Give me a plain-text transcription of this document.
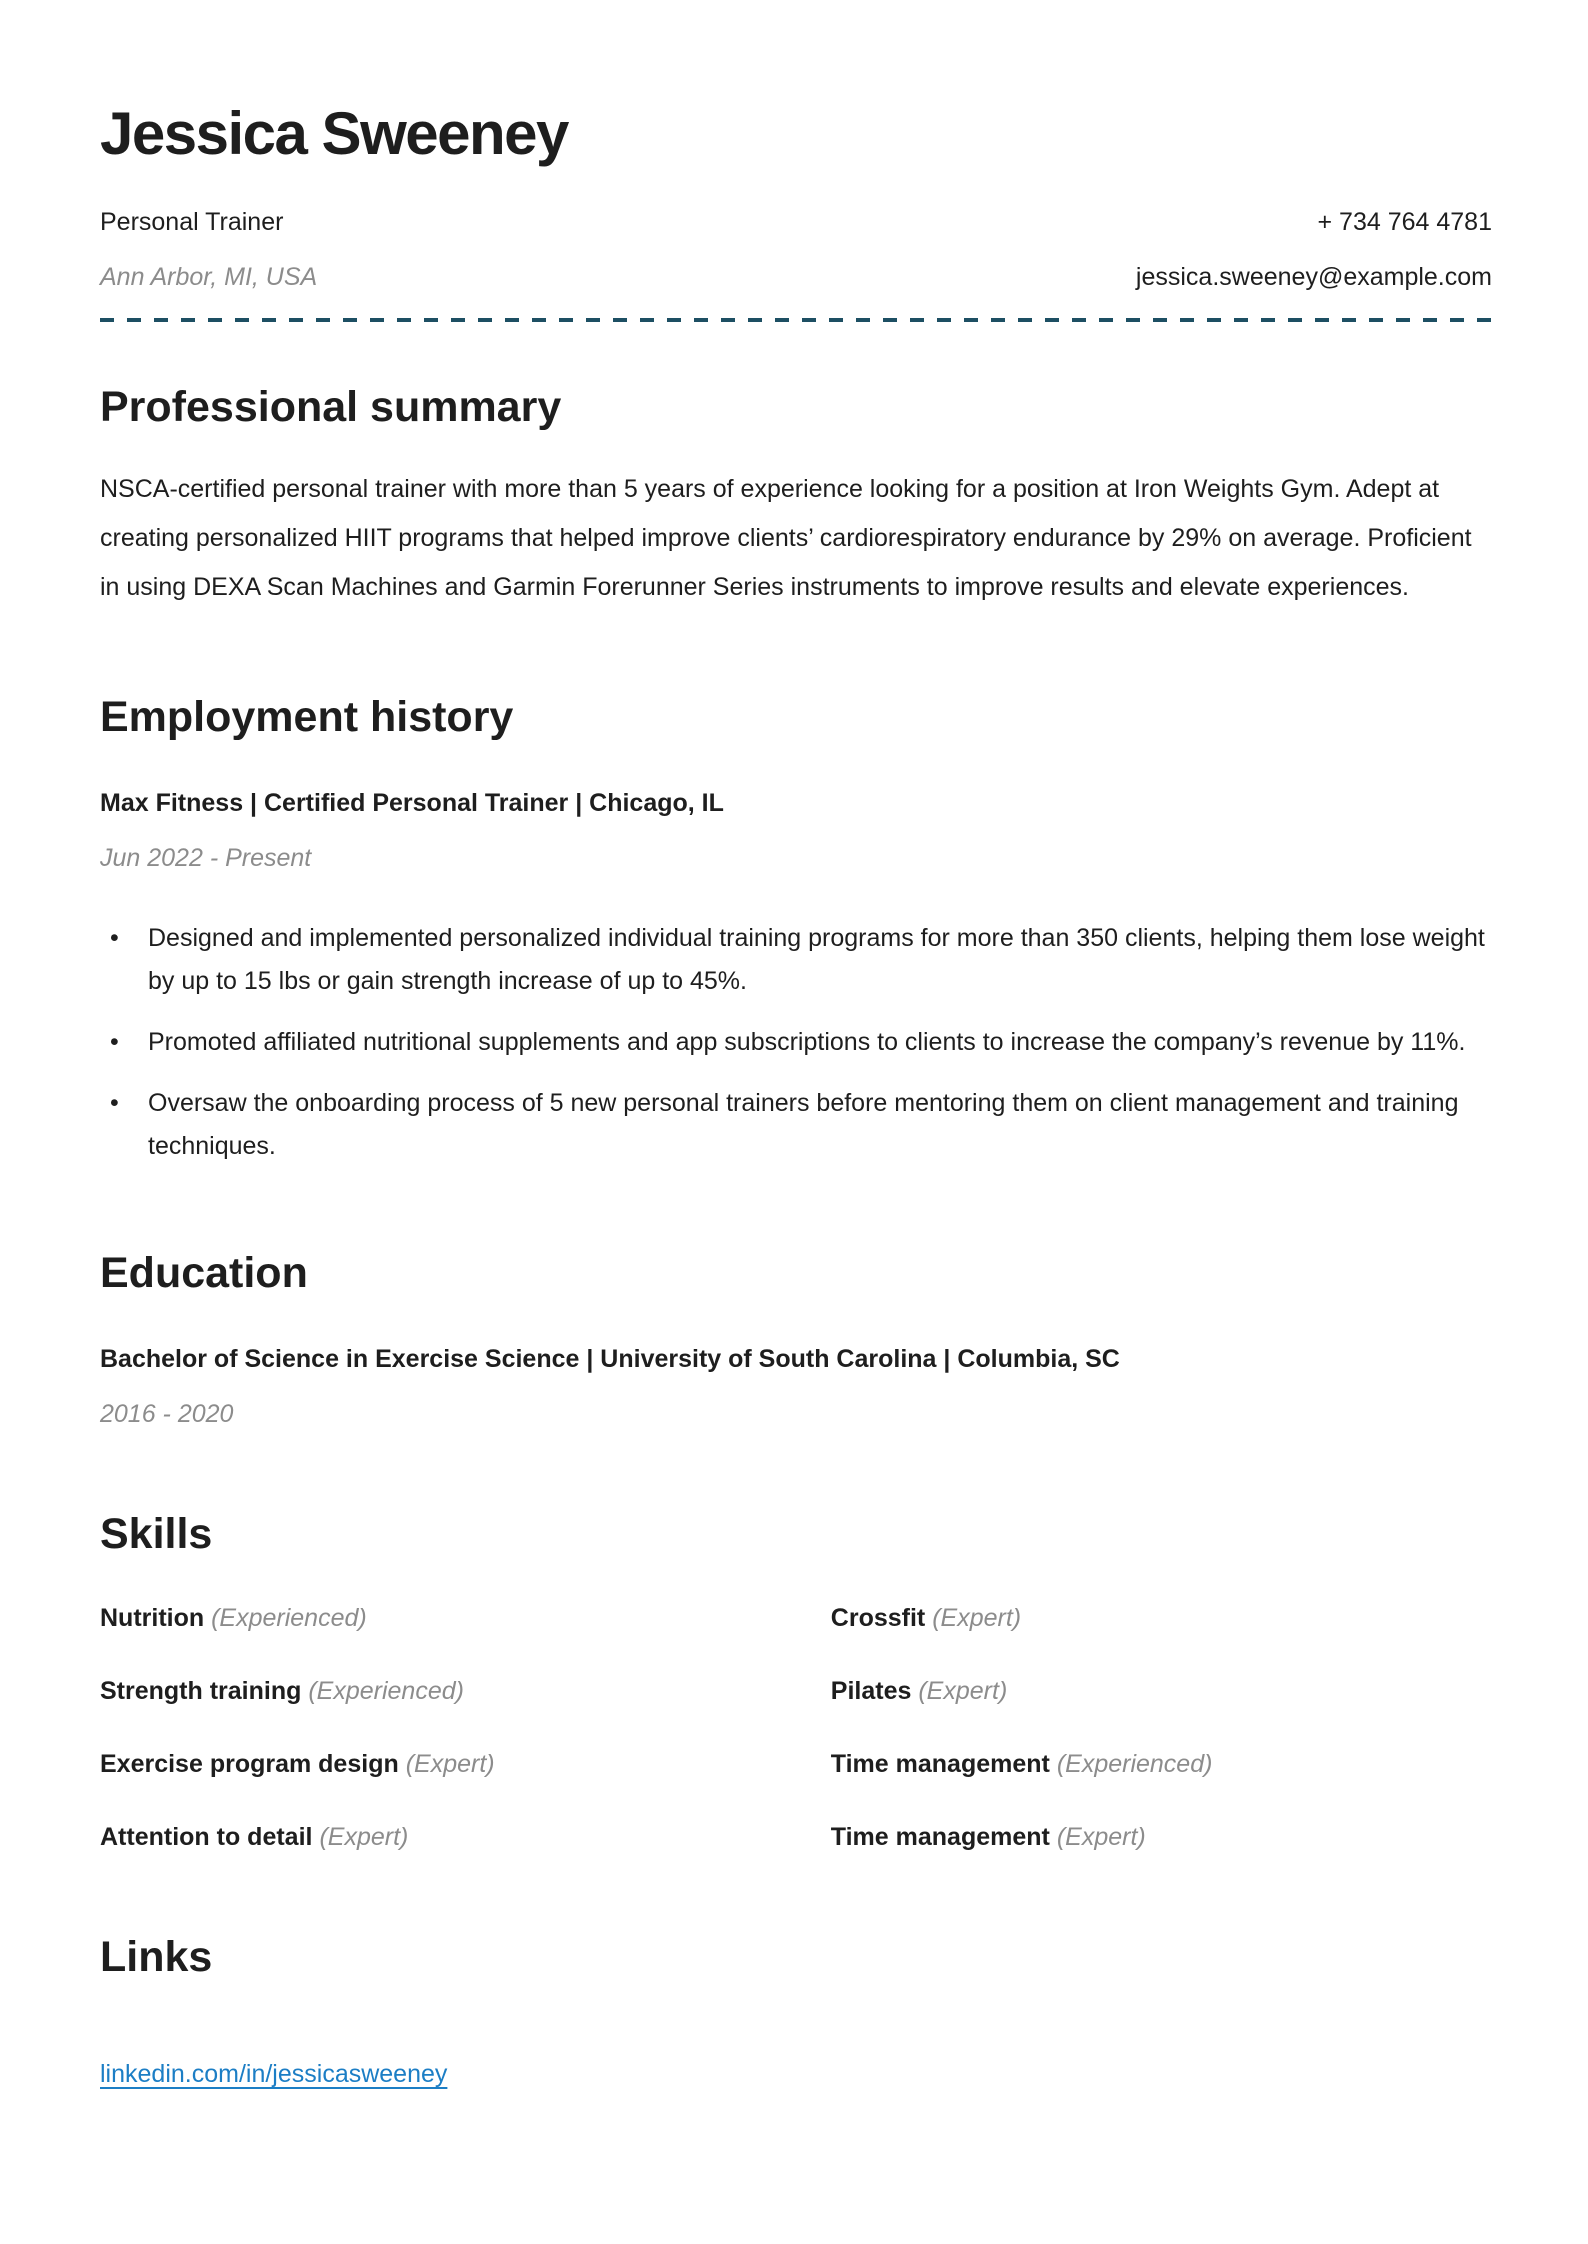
Jessica Sweeney
Personal Trainer	+ 734 764 4781
Ann Arbor, MI, USA	jessica.sweeney@example.com
Professional summary

NSCA-certified personal trainer with more than 5 years of experience looking for a position at Iron Weights Gym. Adept at creating personalized HIIT programs that helped improve clients’ cardiorespiratory endurance by 29% on average. Proficient in using DEXA Scan Machines and Garmin Forerunner Series instruments to improve results and elevate experiences.

Employment history
Max Fitness | Certified Personal Trainer | Chicago, IL
Jun 2022 - Present
• Designed and implemented personalized individual training programs for more than 350 clients, helping them lose weight by up to 15 lbs or gain strength increase of up to 45%.
• Promoted affiliated nutritional supplements and app subscriptions to clients to increase the company’s revenue by 11%.
• Oversaw the onboarding process of 5 new personal trainers before mentoring them on client management and training techniques.
Education
Bachelor of Science in Exercise Science | University of South Carolina | Columbia, SC
2016 - 2020
Skills
Nutrition (Experienced)	Crossfit (Expert)
Strength training (Experienced)	Pilates (Expert)
Exercise program design (Expert)	Time management (Experienced)
Attention to detail (Expert)	Time management (Expert)
Links
linkedin.com/in/jessicasweeney
